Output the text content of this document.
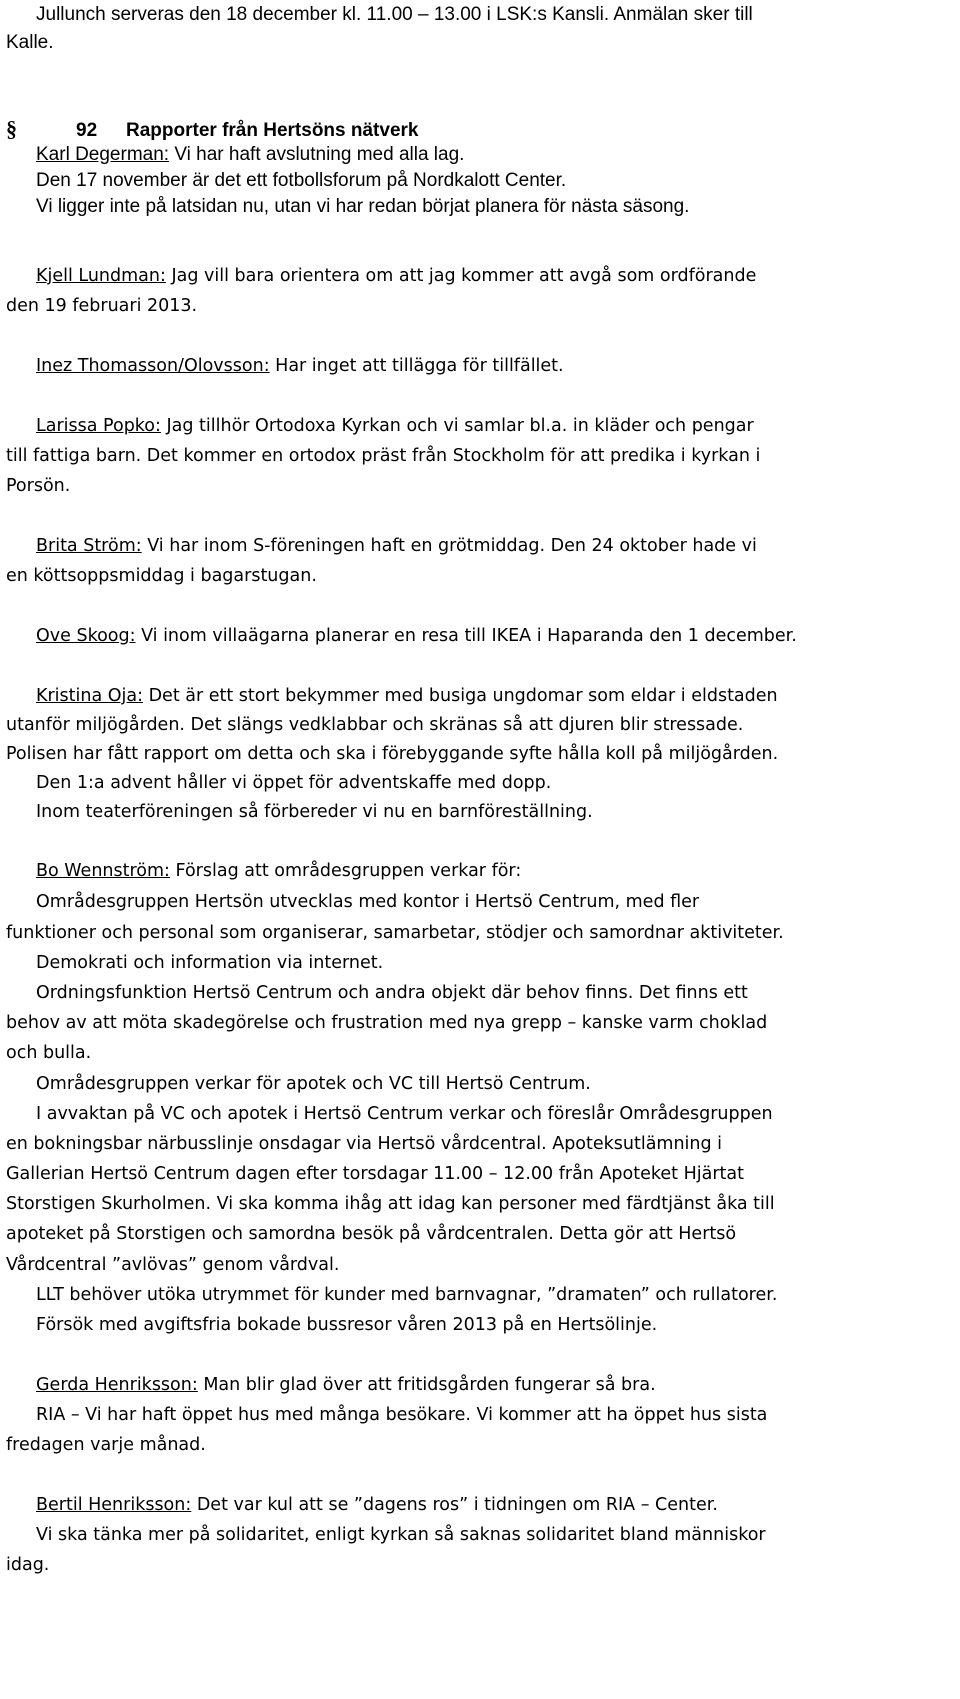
Jullunch serveras den 18 december kl. 11.00 – 13.00 i LSK:s Kansli. Anmälan sker till

Kalle.

§	92 Rapporter från Hertsöns nätverk

Karl Degerman: Vi har haft avslutning med alla lag.

Den 17 november är det ett fotbollsforum på Nordkalott Center.

Vi ligger inte på latsidan nu, utan vi har redan börjat planera för nästa säsong.

Kjell Lundman: Jag vill bara orientera om att jag kommer att avgå som ordförande

den 19 februari 2013.

Inez Thomasson/Olovsson: Har inget att tillägga för tillfället.

Larissa Popko: Jag tillhör Ortodoxa Kyrkan och vi samlar bl.a. in kläder och pengar

till fattiga barn. Det kommer en ortodox präst från Stockholm för att predika i kyrkan i

Porsön.

Brita Ström: Vi har inom S-föreningen haft en grötmiddag. Den 24 oktober hade vi

en köttsoppsmiddag i bagarstugan.

Ove Skoog: Vi inom villaägarna planerar en resa till IKEA i Haparanda den 1 december.

Kristina Oja: Det är ett stort bekymmer med busiga ungdomar som eldar i eldstaden

utanför miljögården. Det slängs vedklabbar och skränas så att djuren blir stressade.

Polisen har fått rapport om detta och ska i förebyggande syfte hålla koll på miljögården.

Den 1:a advent håller vi öppet för adventskaffe med dopp.

Inom teaterföreningen så förbereder vi nu en barnföreställning.

Bo Wennström: Förslag att områdesgruppen verkar för:

Områdesgruppen Hertsön utvecklas med kontor i Hertsö Centrum, med fler

funktioner och personal som organiserar, samarbetar, stödjer och samordnar aktiviteter.

Demokrati och information via internet.

Ordningsfunktion Hertsö Centrum och andra objekt där behov finns. Det finns ett

behov av att möta skadegörelse och frustration med nya grepp – kanske varm choklad

och bulla.

Områdesgruppen verkar för apotek och VC till Hertsö Centrum.

I avvaktan på VC och apotek i Hertsö Centrum verkar och föreslår Områdesgruppen

en bokningsbar närbusslinje onsdagar via Hertsö vårdcentral. Apoteksutlämning i

Gallerian Hertsö Centrum dagen efter torsdagar 11.00 – 12.00 från Apoteket Hjärtat

Storstigen Skurholmen. Vi ska komma ihåg att idag kan personer med färdtjänst åka till

apoteket på Storstigen och samordna besök på vårdcentralen. Detta gör att Hertsö

Vårdcentral ”avlövas” genom vårdval.

LLT behöver utöka utrymmet för kunder med barnvagnar, ”dramaten” och rullatorer.

Försök med avgiftsfria bokade bussresor våren 2013 på en Hertsölinje.

Gerda Henriksson: Man blir glad över att fritidsgården fungerar så bra.

RIA – Vi har haft öppet hus med många besökare. Vi kommer att ha öppet hus sista

fredagen varje månad.

Bertil Henriksson: Det var kul att se ”dagens ros” i tidningen om RIA – Center.

Vi ska tänka mer på solidaritet, enligt kyrkan så saknas solidaritet bland människor

idag.
